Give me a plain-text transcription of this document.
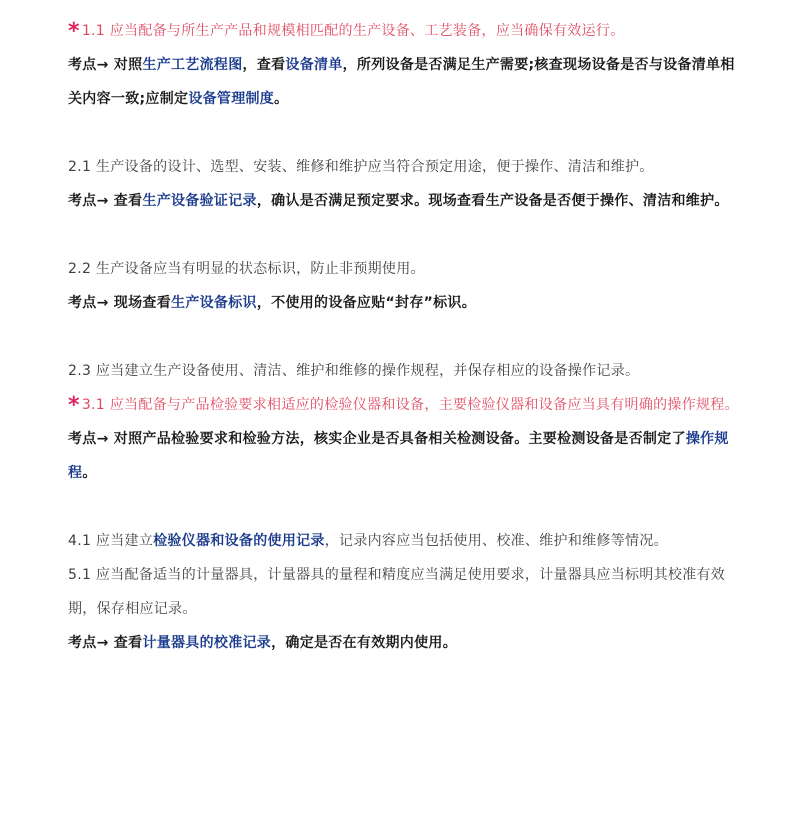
* 1.1 应当配备与所生产产品和规模相匹配的生产设备、工艺装备，应当确保有效运行。

考点→ 对照生产工艺流程图，查看设备清单，所列设备是否满足生产需要;核查现场设备是否与设备清单相关内容一致;应制定设备管理制度。

2.1 生产设备的设计、选型、安装、维修和维护应当符合预定用途，便于操作、清洁和维护。

考点→ 查看生产设备验证记录，确认是否满足预定要求。现场查看生产设备是否便于操作、清洁和维护。

2.2 生产设备应当有明显的状态标识，防止非预期使用。

考点→ 现场查看生产设备标识，不使用的设备应贴“封存”标识。

2.3 应当建立生产设备使用、清洁、维护和维修的操作规程，并保存相应的设备操作记录。

* 3.1 应当配备与产品检验要求相适应的检验仪器和设备，主要检验仪器和设备应当具有明确的操作规程。

考点→ 对照产品检验要求和检验方法，核实企业是否具备相关检测设备。主要检测设备是否制定了操作规程。

4.1 应当建立检验仪器和设备的使用记录，记录内容应当包括使用、校准、维护和维修等情况。

5.1 应当配备适当的计量器具，计量器具的量程和精度应当满足使用要求，计量器具应当标明其校准有效期，保存相应记录。

考点→ 查看计量器具的校准记录，确定是否在有效期内使用。
